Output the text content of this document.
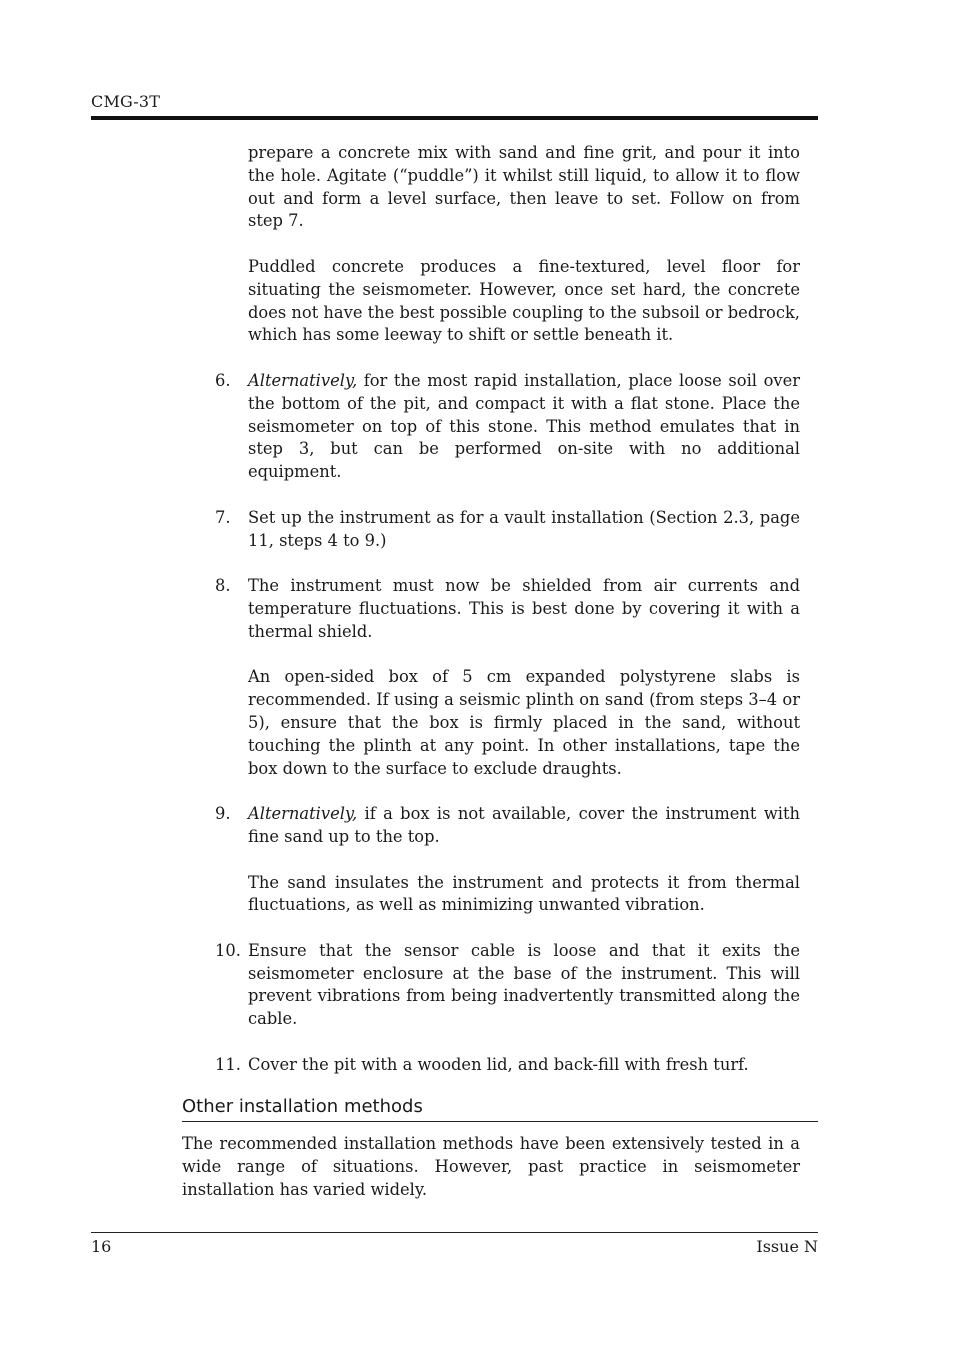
CMG-3T

prepare a concrete mix with sand and fine grit, and pour it into the hole. Agitate (“puddle”) it whilst still liquid, to allow it to flow out and form a level surface, then leave to set. Follow on from step 7.

Puddled concrete produces a fine-textured, level floor for situating the seismometer. However, once set hard, the concrete does not have the best possible coupling to the subsoil or bedrock, which has some leeway to shift or settle beneath it.

6.	Alternatively, for the most rapid installation, place loose soil over the bottom of the pit, and compact it with a flat stone. Place the seismometer on top of this stone. This method emulates that in step 3, but can be performed on-site with no additional equipment.

7.	Set up the instrument as for a vault installation (Section 2.3, page 11, steps 4 to 9.)

8.	The instrument must now be shielded from air currents and temperature fluctuations. This is best done by covering it with a thermal shield.

An open-sided box of 5 cm expanded polystyrene slabs is recommended. If using a seismic plinth on sand (from steps 3–4 or 5), ensure that the box is firmly placed in the sand, without touching the plinth at any point. In other installations, tape the box down to the surface to exclude draughts.

9.	Alternatively, if a box is not available, cover the instrument with fine sand up to the top.

The sand insulates the instrument and protects it from thermal fluctuations, as well as minimizing unwanted vibration.

10. Ensure that the sensor cable is loose and that it exits the seismometer enclosure at the base of the instrument. This will prevent vibrations from being inadvertently transmitted along the cable.

11. Cover the pit with a wooden lid, and back-fill with fresh turf.

Other installation methods

The recommended installation methods have been extensively tested in a wide range of situations. However, past practice in seismometer installation has varied widely.

16	Issue N
